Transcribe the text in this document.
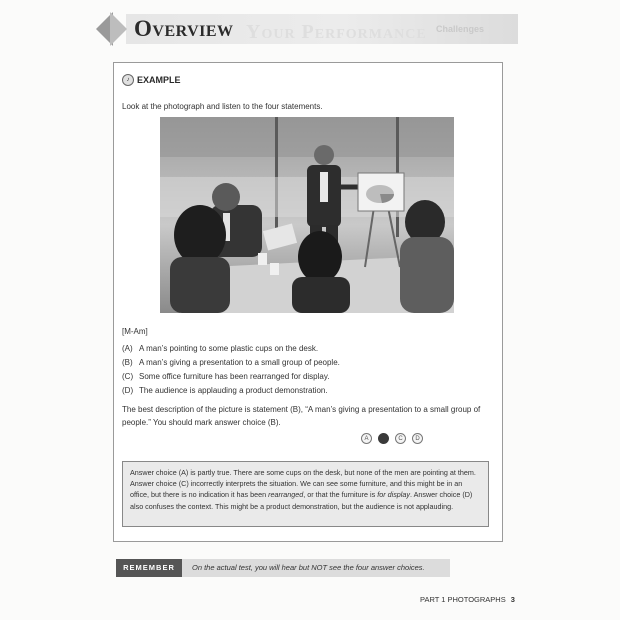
Your Performance Challenges
Overview
♪ EXAMPLE
Look at the photograph and listen to the four statements.
[M-Am]
(A) A man’s pointing to some plastic cups on the desk.
(B) A man’s giving a presentation to a small group of people.
(C) Some office furniture has been rearranged for display.
(D) The audience is applauding a product demonstration.
The best description of the picture is statement (B), “A man’s giving a presentation to a small group of people.” You should mark answer choice (B).
A	C	D
Answer choice (A) is partly true. There are some cups on the desk, but none of the men are pointing at them. Answer choice (C) incorrectly interprets the situation. We can see some furniture, and this might be in an office, but there is no indication it has been rearranged, or that the furniture is for display. Answer choice (D) also confuses the context. This might be a product demonstration, but the audience is not applauding.
REMEMBER	On the actual test, you will hear but NOT see the four answer choices.
PART 1 PHOTOGRAPHS 3
